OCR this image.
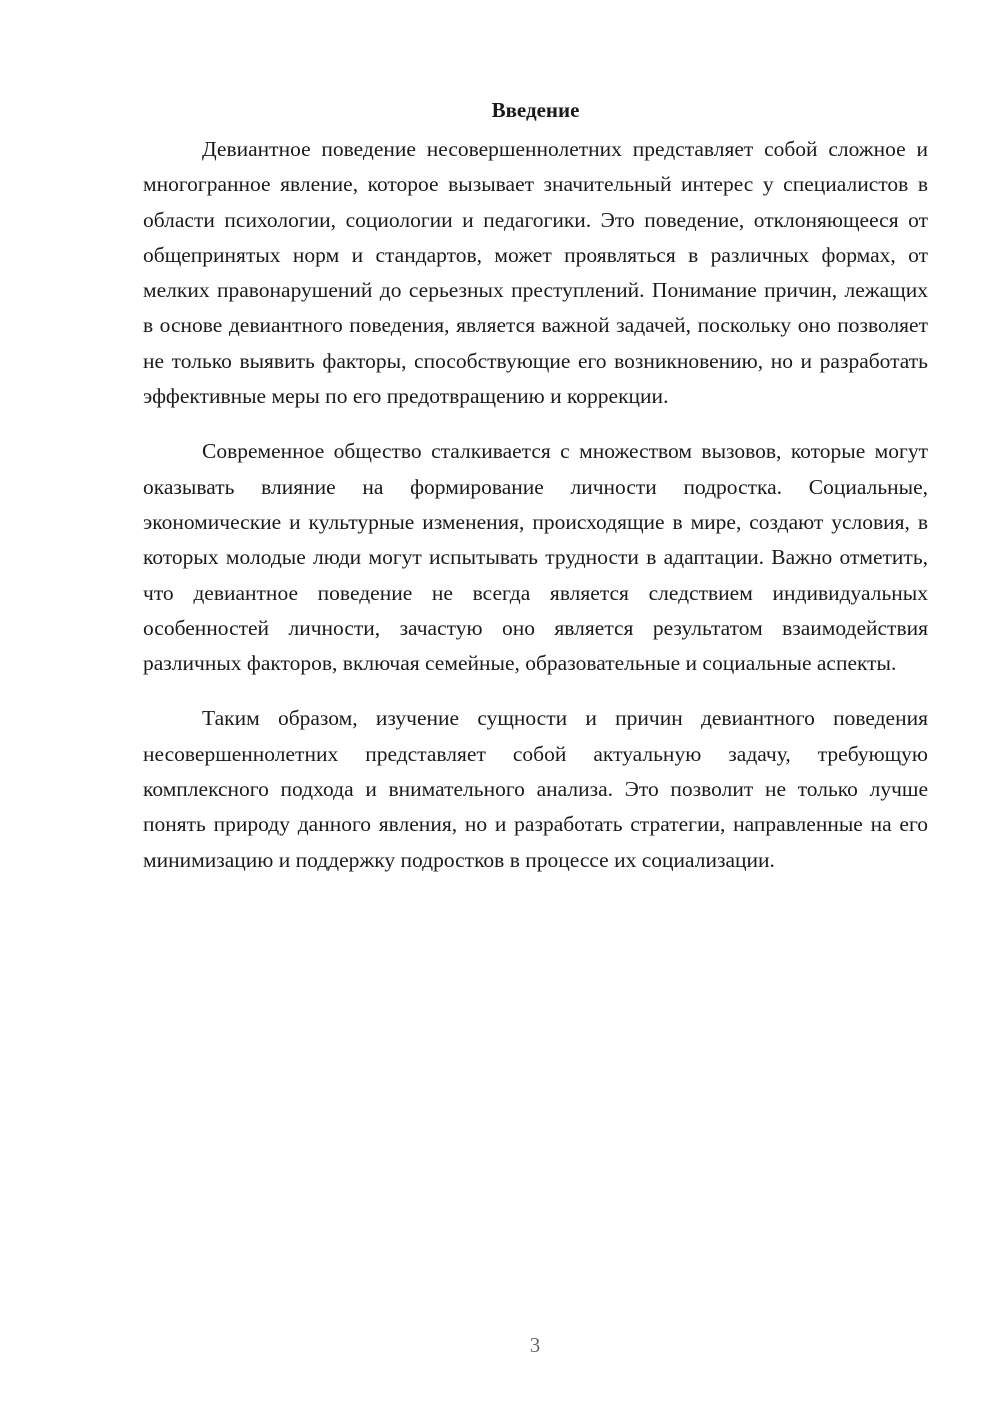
Введение

Девиантное поведение несовершеннолетних представляет собой сложное и многогранное явление, которое вызывает значительный интерес у специалистов в области психологии, социологии и педагогики. Это поведение, отклоняющееся от общепринятых норм и стандартов, может проявляться в различных формах, от мелких правонарушений до серьезных преступлений. Понимание причин, лежащих в основе девиантного поведения, является важной задачей, поскольку оно позволяет не только выявить факторы, способствующие его возникновению, но и разработать эффективные меры по его предотвращению и коррекции.

Современное общество сталкивается с множеством вызовов, которые могут оказывать влияние на формирование личности подростка. Социальные, экономические и культурные изменения, происходящие в мире, создают условия, в которых молодые люди могут испытывать трудности в адаптации. Важно отметить, что девиантное поведение не всегда является следствием индивидуальных особенностей личности, зачастую оно является результатом взаимодействия различных факторов, включая семейные, образовательные и социальные аспекты.

Таким образом, изучение сущности и причин девиантного поведения несовершеннолетних представляет собой актуальную задачу, требующую комплексного подхода и внимательного анализа. Это позволит не только лучше понять природу данного явления, но и разработать стратегии, направленные на его минимизацию и поддержку подростков в процессе их социализации.

3
